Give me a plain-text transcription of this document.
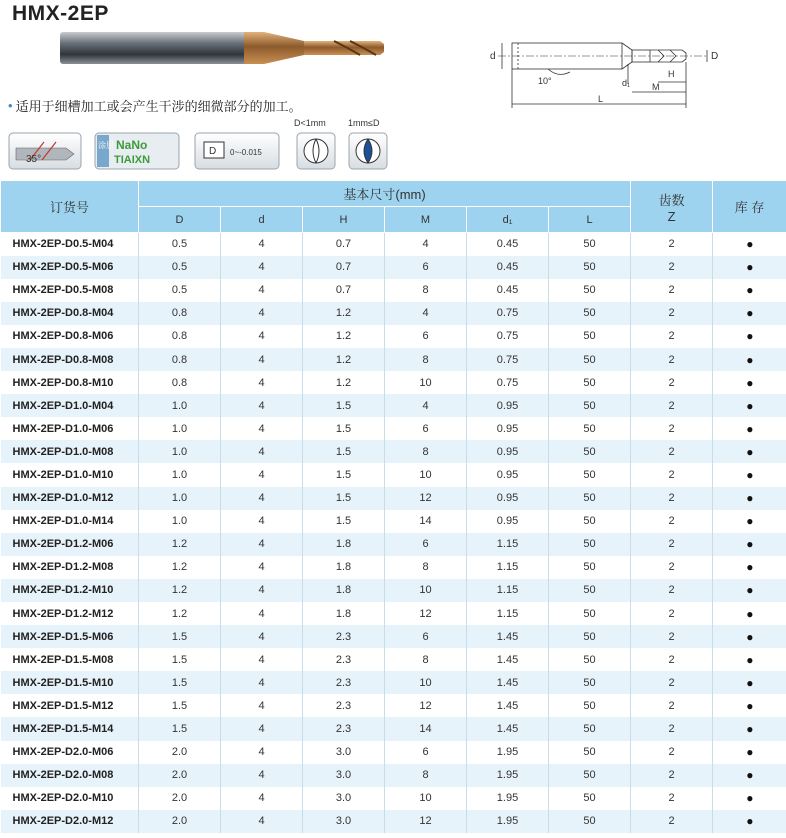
HMX-2EP
d
10°	d₁
H
M
L
D
• 适用于细槽加工或会产生干涉的细微部分的加工。
35°
涂层 NaNo
TIAIXN
D 0~-0.015
D<1mm 1mm≤D
订货号	基本尺寸(mm)						齿数
Z	库 存
	D	d	H	M	d₁	L		
HMX-2EP-D0.5-M04	0.5	4	0.7	4	0.45	50	2	●
HMX-2EP-D0.5-M06	0.5	4	0.7	6	0.45	50	2	●
HMX-2EP-D0.5-M08	0.5	4	0.7	8	0.45	50	2	●
HMX-2EP-D0.8-M04	0.8	4	1.2	4	0.75	50	2	●
HMX-2EP-D0.8-M06	0.8	4	1.2	6	0.75	50	2	●
HMX-2EP-D0.8-M08	0.8	4	1.2	8	0.75	50	2	●
HMX-2EP-D0.8-M10	0.8	4	1.2	10	0.75	50	2	●
HMX-2EP-D1.0-M04	1.0	4	1.5	4	0.95	50	2	●
HMX-2EP-D1.0-M06	1.0	4	1.5	6	0.95	50	2	●
HMX-2EP-D1.0-M08	1.0	4	1.5	8	0.95	50	2	●
HMX-2EP-D1.0-M10	1.0	4	1.5	10	0.95	50	2	●
HMX-2EP-D1.0-M12	1.0	4	1.5	12	0.95	50	2	●
HMX-2EP-D1.0-M14	1.0	4	1.5	14	0.95	50	2	●
HMX-2EP-D1.2-M06	1.2	4	1.8	6	1.15	50	2	●
HMX-2EP-D1.2-M08	1.2	4	1.8	8	1.15	50	2	●
HMX-2EP-D1.2-M10	1.2	4	1.8	10	1.15	50	2	●
HMX-2EP-D1.2-M12	1.2	4	1.8	12	1.15	50	2	●
HMX-2EP-D1.5-M06	1.5	4	2.3	6	1.45	50	2	●
HMX-2EP-D1.5-M08	1.5	4	2.3	8	1.45	50	2	●
HMX-2EP-D1.5-M10	1.5	4	2.3	10	1.45	50	2	●
HMX-2EP-D1.5-M12	1.5	4	2.3	12	1.45	50	2	●
HMX-2EP-D1.5-M14	1.5	4	2.3	14	1.45	50	2	●
HMX-2EP-D2.0-M06	2.0	4	3.0	6	1.95	50	2	●
HMX-2EP-D2.0-M08	2.0	4	3.0	8	1.95	50	2	●
HMX-2EP-D2.0-M10	2.0	4	3.0	10	1.95	50	2	●
HMX-2EP-D2.0-M12	2.0	4	3.0	12	1.95	50	2	●
